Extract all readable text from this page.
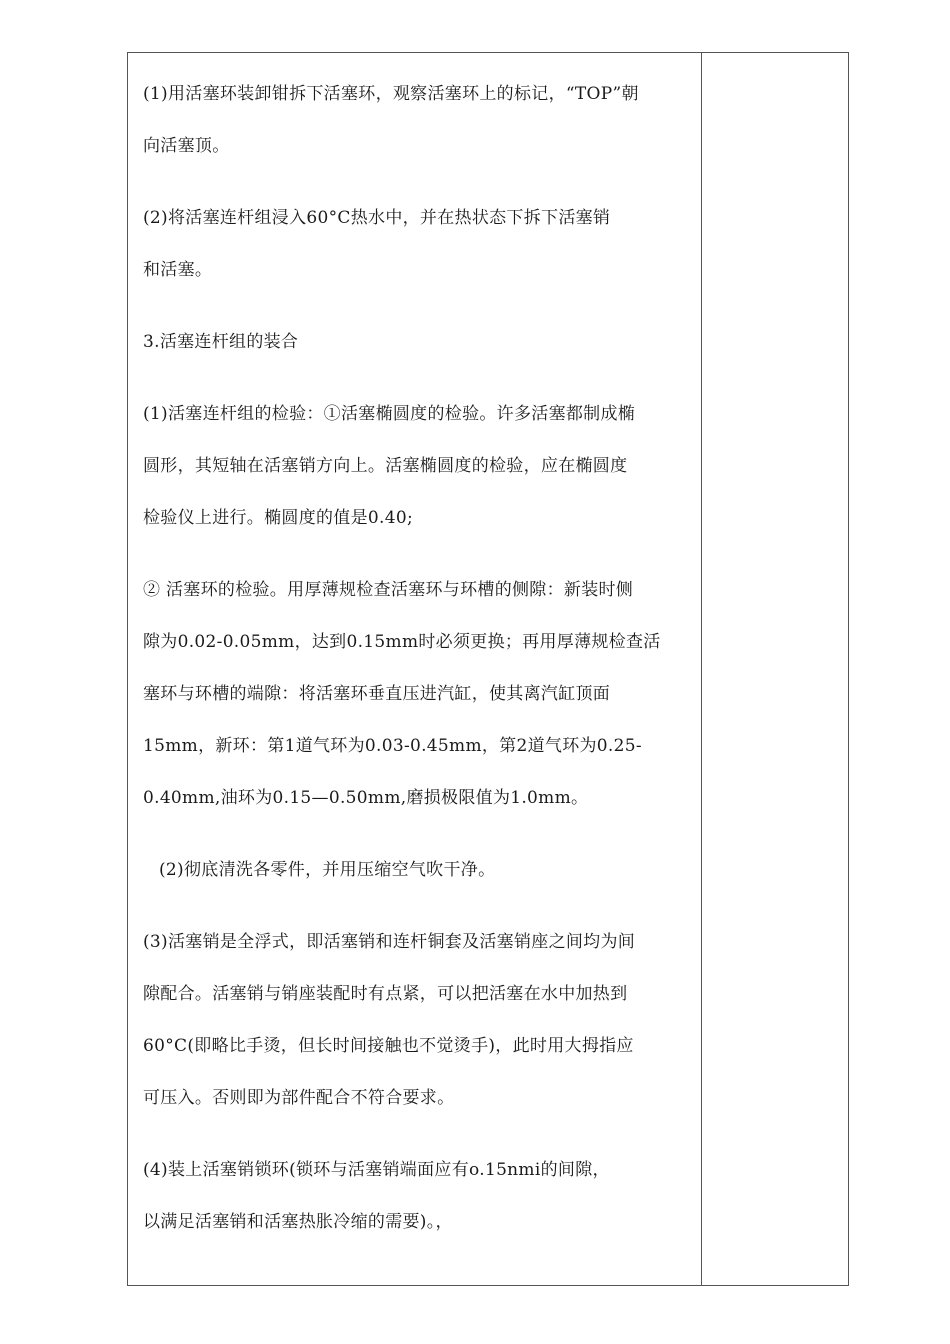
(1)用活塞环装卸钳拆下活塞环，观察活塞环上的标记，“TOP”朝
向活塞顶。

(2)将活塞连杆组浸入60°C热水中，并在热状态下拆下活塞销
和活塞。

3.活塞连杆组的装合

(1)活塞连杆组的检验：①活塞椭圆度的检验。许多活塞都制成椭
圆形，其短轴在活塞销方向上。活塞椭圆度的检验，应在椭圆度
检验仪上进行。椭圆度的值是0.40;

② 活塞环的检验。用厚薄规检查活塞环与环槽的侧隙：新装时侧
隙为0.02-0.05mm，达到0.15mm时必须更换；再用厚薄规检查活
塞环与环槽的端隙：将活塞环垂直压进汽缸，使其离汽缸顶面
15mm，新环：第1道气环为0.03-0.45mm，第2道气环为0.25-
0.40mm,油环为0.15—0.50mm,磨损极限值为1.0mm。

(2)彻底清洗各零件，并用压缩空气吹干净。

(3)活塞销是全浮式，即活塞销和连杆铜套及活塞销座之间均为间
隙配合。活塞销与销座装配时有点紧，可以把活塞在水中加热到
60°C(即略比手烫，但长时间接触也不觉烫手)，此时用大拇指应
可压入。否则即为部件配合不符合要求。

(4)装上活塞销锁环(锁环与活塞销端面应有o.15nmi的间隙，
以满足活塞销和活塞热胀冷缩的需要)。，
